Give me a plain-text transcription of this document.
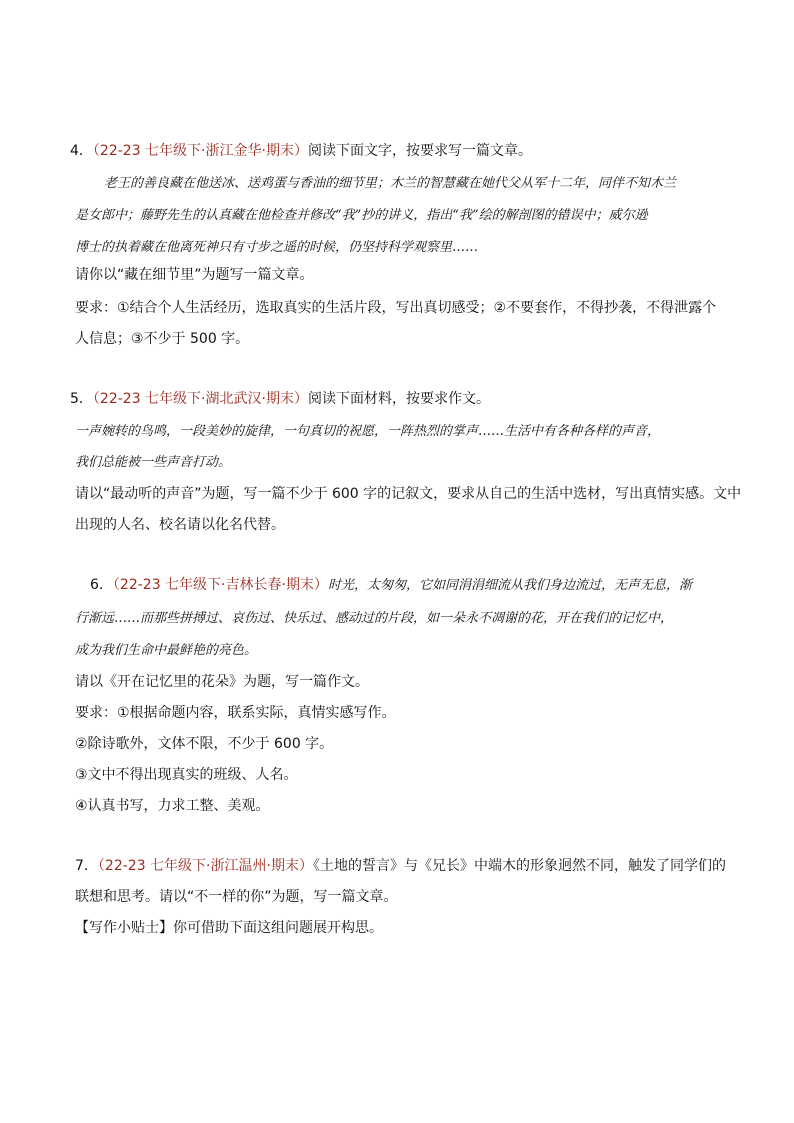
4．（22-23 七年级下·浙江金华·期末）阅读下面文字，按要求写一篇文章。
老王的善良藏在他送冰、送鸡蛋与香油的细节里；木兰的智慧藏在她代父从军十二年，同伴不知木兰
是女郎中；藤野先生的认真藏在他检查并修改“我”抄的讲义，指出“我”绘的解剖图的错误中；威尔逊
博士的执着藏在他离死神只有寸步之遥的时候，仍坚持科学观察里……
请你以“藏在细节里”为题写一篇文章。
要求：①结合个人生活经历，选取真实的生活片段，写出真切感受；②不要套作，不得抄袭，不得泄露个
人信息；③不少于 500 字。
5．（22-23 七年级下·湖北武汉·期末）阅读下面材料，按要求作文。
一声婉转的鸟鸣，一段美妙的旋律，一句真切的祝愿，一阵热烈的掌声……生活中有各种各样的声音，
我们总能被一些声音打动。
请以“最动听的声音”为题，写一篇不少于 600 字的记叙文，要求从自己的生活中选材，写出真情实感。文中
出现的人名、校名请以化名代替。
6．（22-23 七年级下·吉林长春·期末）时光，太匆匆，它如同涓涓细流从我们身边流过，无声无息，渐
行渐远……而那些拼搏过、哀伤过、快乐过、感动过的片段，如一朵永不凋谢的花，开在我们的记忆中，
成为我们生命中最鲜艳的亮色。
请以《开在记忆里的花朵》为题，写一篇作文。
要求：①根据命题内容，联系实际，真情实感写作。
②除诗歌外，文体不限，不少于 600 字。
③文中不得出现真实的班级、人名。
④认真书写，力求工整、美观。
7．（22-23 七年级下·浙江温州·期末）《土地的誓言》与《兄长》中端木的形象迥然不同，触发了同学们的
联想和思考。请以“不一样的你”为题，写一篇文章。
【写作小贴士】你可借助下面这组问题展开构思。
